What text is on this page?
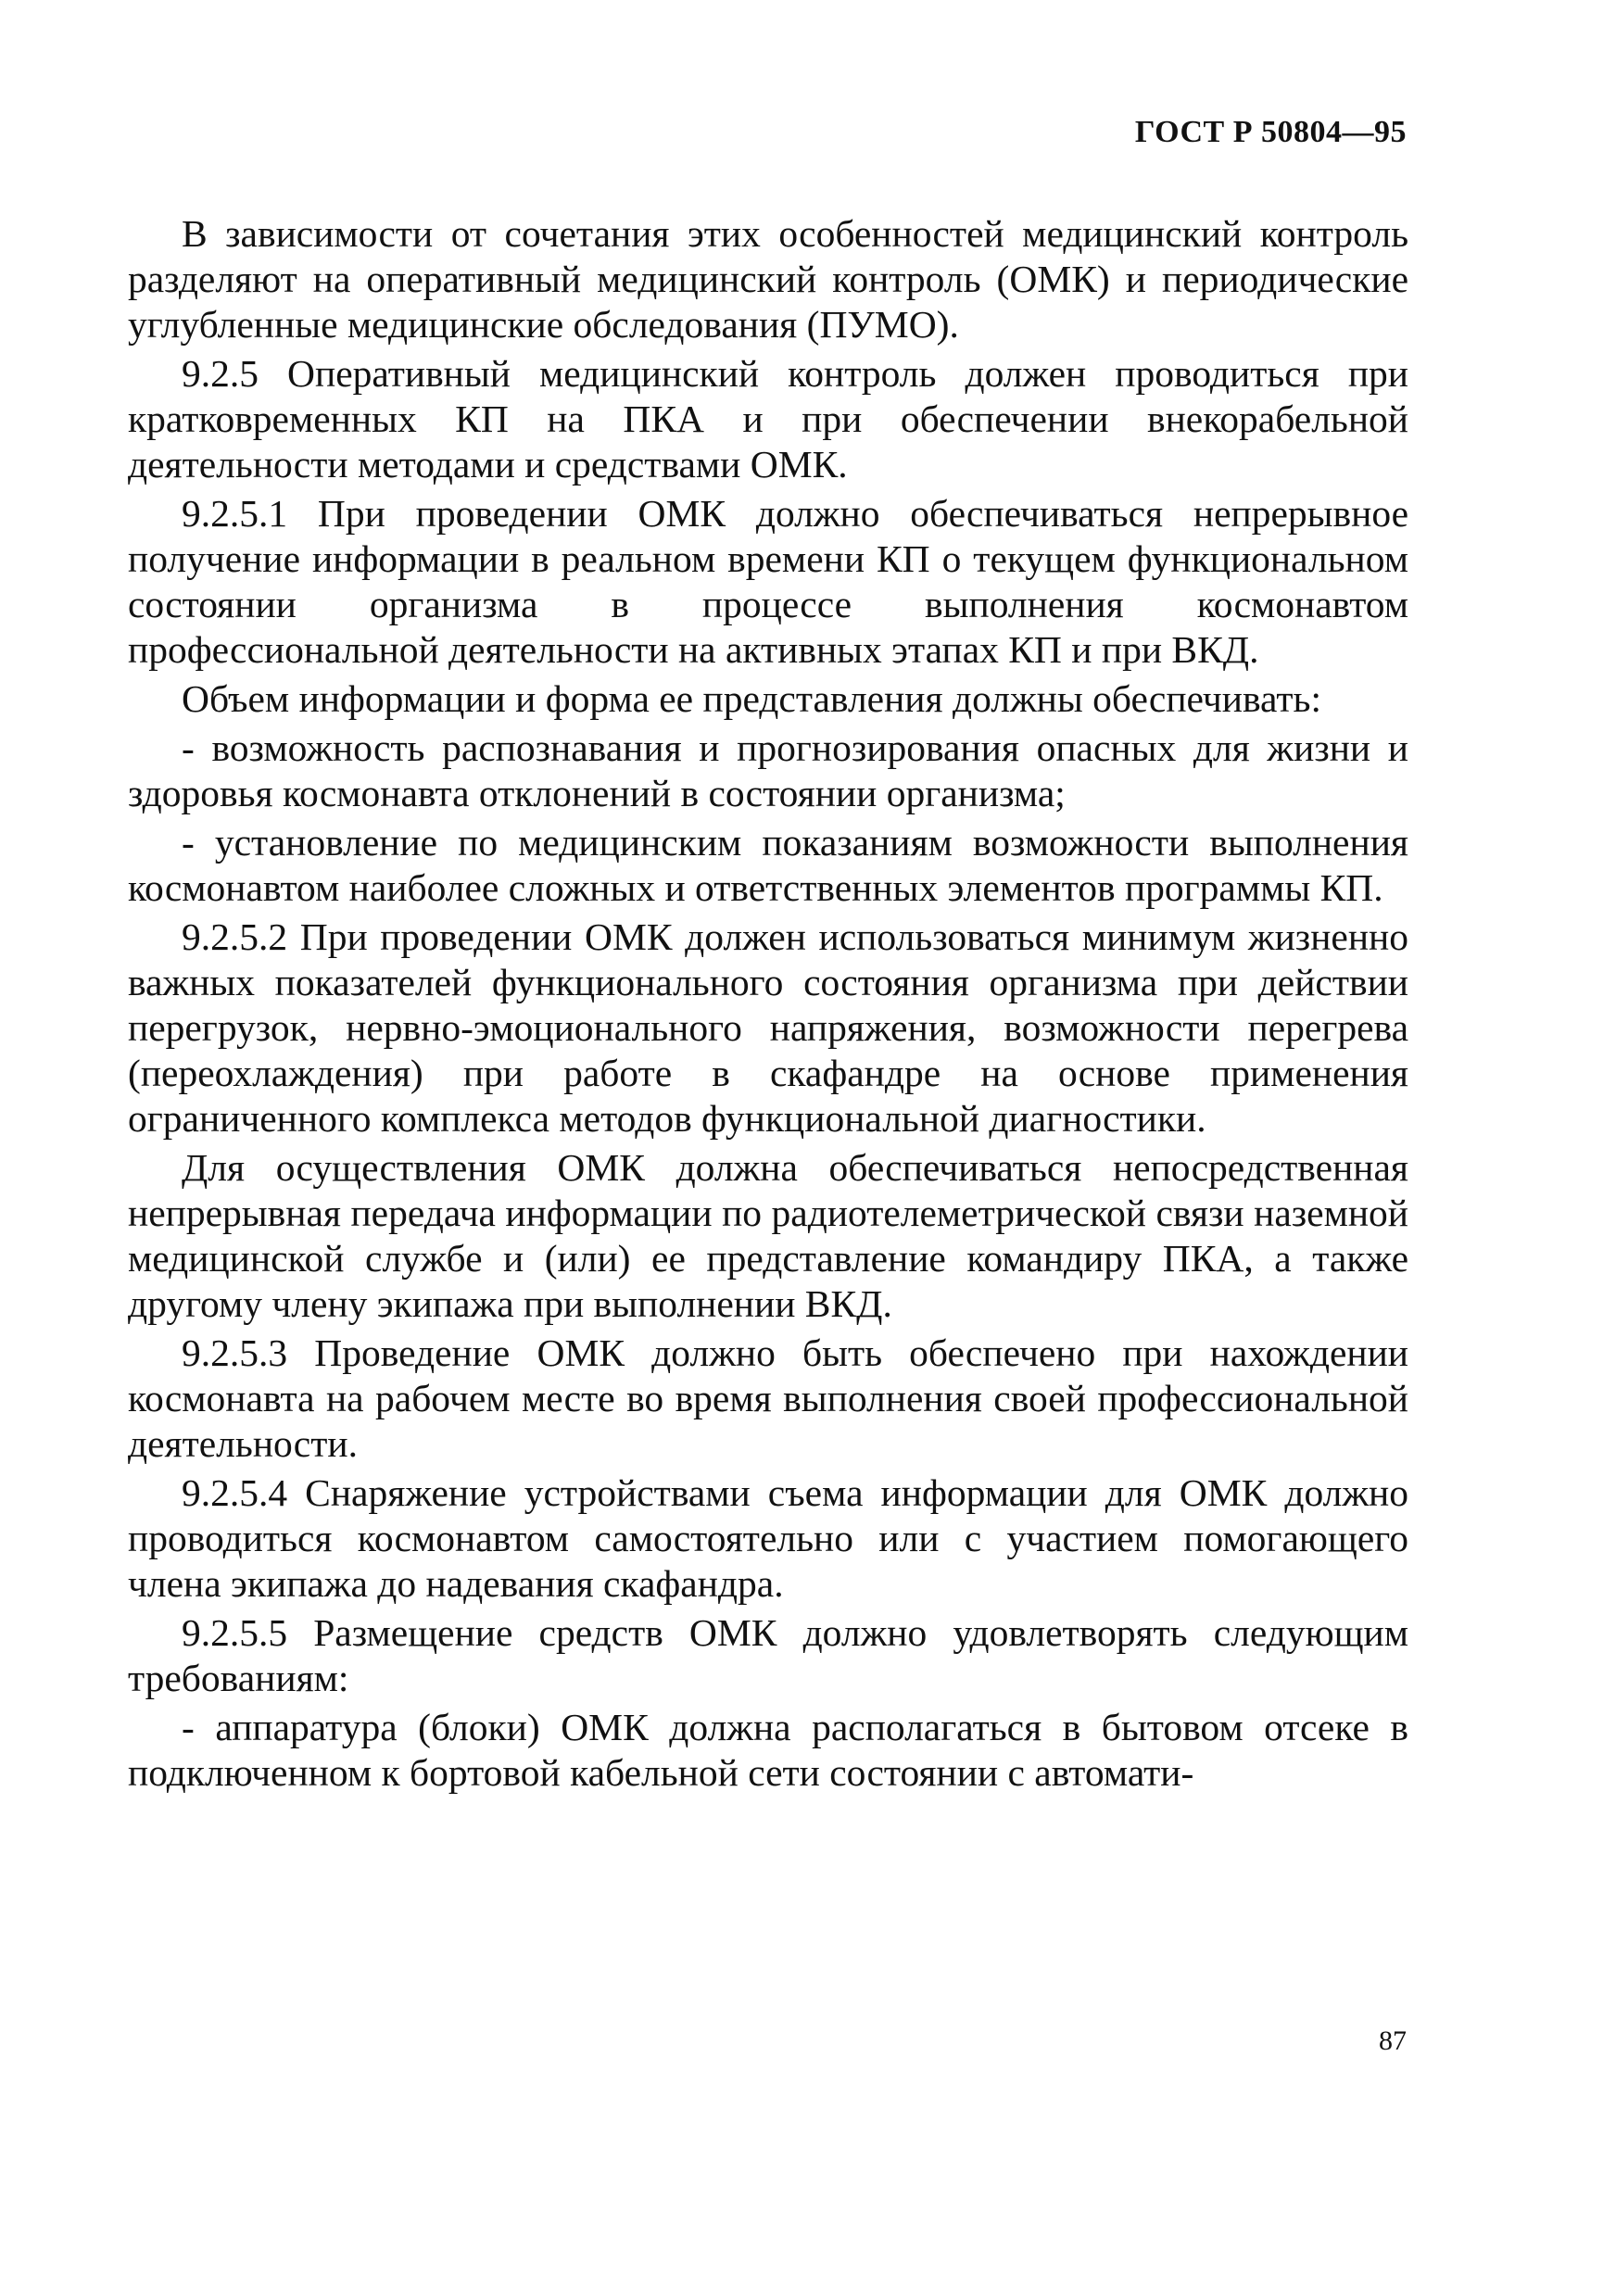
ГОСТ Р 50804—95

В зависимости от сочетания этих особенностей медицинский контроль разделяют на оперативный медицинский контроль (ОМК) и периодические углубленные медицинские обследования (ПУМО).

9.2.5 Оперативный медицинский контроль должен проводиться при кратковременных КП на ПКА и при обеспечении внекорабельной деятельности методами и средствами ОМК.

9.2.5.1 При проведении ОМК должно обеспечиваться непрерывное получение информации в реальном времени КП о текущем функциональном состоянии организма в процессе выполнения космонавтом профессиональной деятельности на активных этапах КП и при ВКД.

Объем информации и форма ее представления должны обеспечивать:

- возможность распознавания и прогнозирования опасных для жизни и здоровья космонавта отклонений в состоянии организма;

- установление по медицинским показаниям возможности выполнения космонавтом наиболее сложных и ответственных элементов программы КП.

9.2.5.2 При проведении ОМК должен использоваться минимум жизненно важных показателей функционального состояния организма при действии перегрузок, нервно-эмоционального напряжения, возможности перегрева (переохлаждения) при работе в скафандре на основе применения ограниченного комплекса методов функциональной диагностики.

Для осуществления ОМК должна обеспечиваться непосредственная непрерывная передача информации по радиотелеметрической связи наземной медицинской службе и (или) ее представление командиру ПКА, а также другому члену экипажа при выполнении ВКД.

9.2.5.3 Проведение ОМК должно быть обеспечено при нахождении космонавта на рабочем месте во время выполнения своей профессиональной деятельности.

9.2.5.4 Снаряжение устройствами съема информации для ОМК должно проводиться космонавтом самостоятельно или с участием помогающего члена экипажа до надевания скафандра.

9.2.5.5 Размещение средств ОМК должно удовлетворять следующим требованиям:

- аппаратура (блоки) ОМК должна располагаться в бытовом отсеке в подключенном к бортовой кабельной сети состоянии с автомати-

87
